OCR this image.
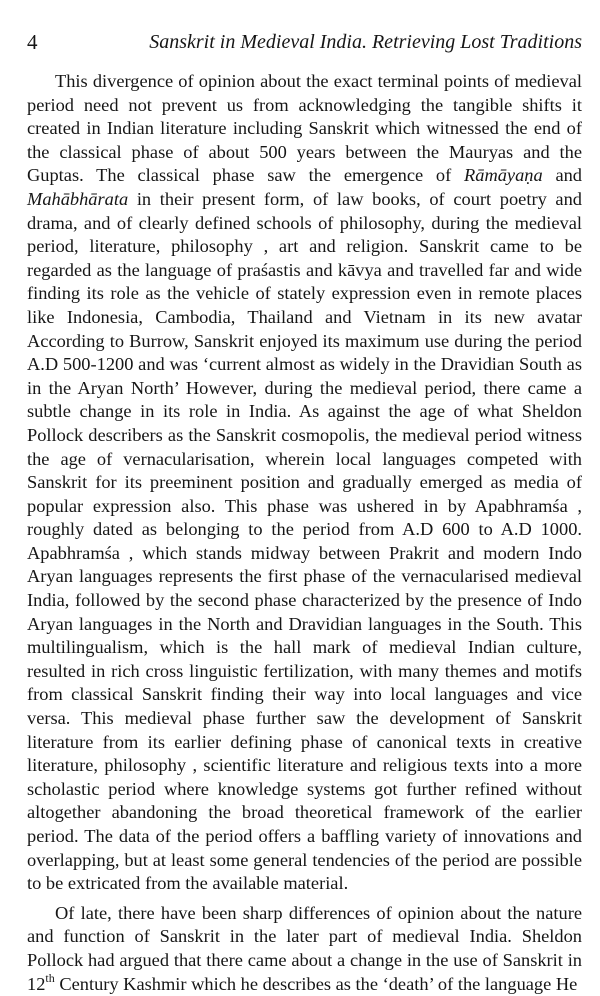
4	Sanskrit in Medieval India. Retrieving Lost Traditions

This divergence of opinion about the exact terminal points of medieval period need not prevent us from acknowledging the tangible shifts it created in Indian literature including Sanskrit which witnessed the end of the classical phase of about 500 years between the Mauryas and the Guptas. The classical phase saw the emergence of Rāmāyaṇa and Mahābhārata in their present form, of law books, of court poetry and drama, and of clearly defined schools of philosophy, during the medieval period, literature, philosophy , art and religion. Sanskrit came to be regarded as the language of praśastis and kāvya and travelled far and wide finding its role as the vehicle of stately expression even in remote places like Indonesia, Cambodia, Thailand and Vietnam in its new avatar According to Burrow, Sanskrit enjoyed its maximum use during the period A.D 500-1200 and was ‘current almost as widely in the Dravidian South as in the Aryan North’ However, during the medieval period, there came a subtle change in its role in India. As against the age of what Sheldon Pollock describers as the Sanskrit cosmopolis, the medieval period witness the age of vernacularisation, wherein local languages competed with Sanskrit for its preeminent position and gradually emerged as media of popular expression also. This phase was ushered in by Apabhramśa , roughly dated as belonging to the period from A.D 600 to A.D 1000. Apabhramśa , which stands midway between Prakrit and modern Indo Aryan languages represents the first phase of the vernacularised medieval India, followed by the second phase characterized by the presence of Indo Aryan languages in the North and Dravidian languages in the South. This multilingualism, which is the hall mark of medieval Indian culture, resulted in rich cross linguistic fertilization, with many themes and motifs from classical Sanskrit finding their way into local languages and vice versa. This medieval phase further saw the development of Sanskrit literature from its earlier defining phase of canonical texts in creative literature, philosophy , scientific literature and religious texts into a more scholastic period where knowledge systems got further refined without altogether abandoning the broad theoretical framework of the earlier period. The data of the period offers a baffling variety of innovations and overlapping, but at least some general tendencies of the period are possible to be extricated from the available material.

Of late, there have been sharp differences of opinion about the nature and function of Sanskrit in the later part of medieval India. Sheldon Pollock had argued that there came about a change in the use of Sanskrit in 12th Century Kashmir which he describes as the ‘death’ of the language He
